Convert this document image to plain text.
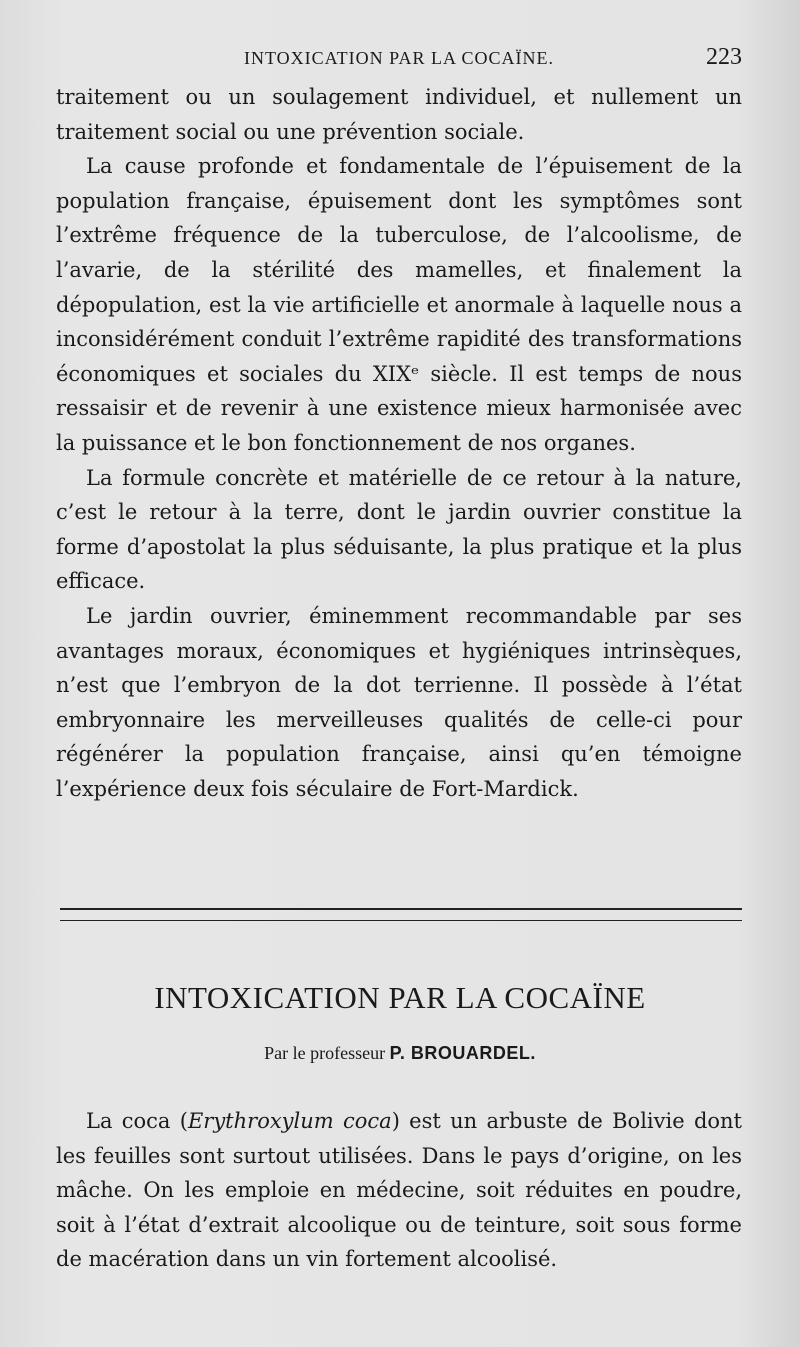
INTOXICATION PAR LA COCAÏNE.	223

traitement ou un soulagement individuel, et nullement un traitement social ou une prévention sociale.

La cause profonde et fondamentale de l’épuisement de la population française, épuisement dont les symptômes sont l’extrême fréquence de la tuberculose, de l’alcoolisme, de l’avarie, de la stérilité des mamelles, et finalement la dépopulation, est la vie artificielle et anormale à laquelle nous a inconsidérément conduit l’extrême rapidité des transformations économiques et sociales du XIXᵉ siècle. Il est temps de nous ressaisir et de revenir à une existence mieux harmonisée avec la puissance et le bon fonctionnement de nos organes.

La formule concrète et matérielle de ce retour à la nature, c’est le retour à la terre, dont le jardin ouvrier constitue la forme d’apostolat la plus séduisante, la plus pratique et la plus efficace.

Le jardin ouvrier, éminemment recommandable par ses avantages moraux, économiques et hygiéniques intrinsèques, n’est que l’embryon de la dot terrienne. Il possède à l’état embryonnaire les merveilleuses qualités de celle-ci pour régénérer la population française, ainsi qu’en témoigne l’expérience deux fois séculaire de Fort-Mardick.

INTOXICATION PAR LA COCAÏNE
Par le professeur P. BROUARDEL.

La coca (Erythroxylum coca) est un arbuste de Bolivie dont les feuilles sont surtout utilisées. Dans le pays d’origine, on les mâche. On les emploie en médecine, soit réduites en poudre, soit à l’état d’extrait alcoolique ou de teinture, soit sous forme de macération dans un vin fortement alcoolisé.
